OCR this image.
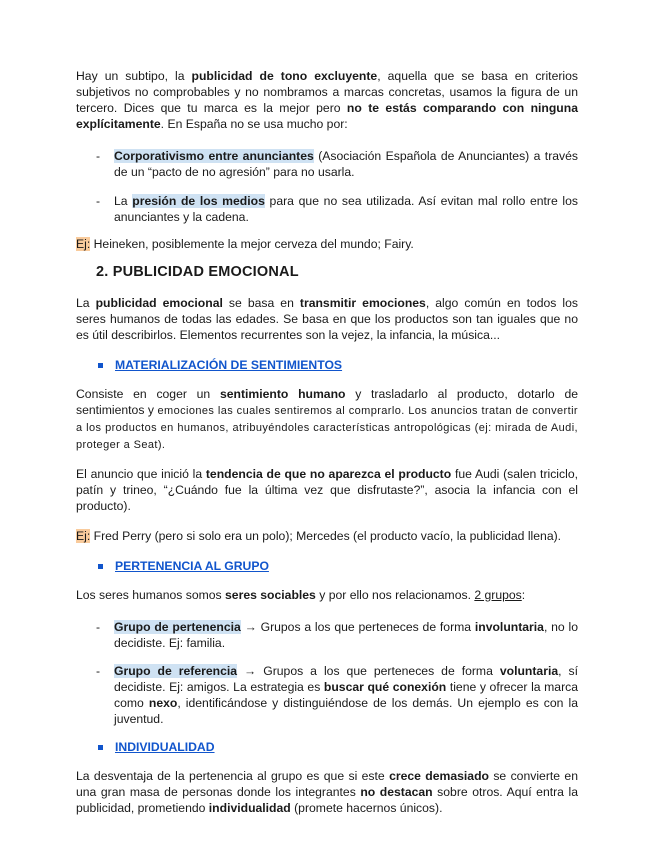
Hay un subtipo, la publicidad de tono excluyente, aquella que se basa en criterios subjetivos no comprobables y no nombramos a marcas concretas, usamos la figura de un tercero. Dices que tu marca es la mejor pero no te estás comparando con ninguna explícitamente. En España no se usa mucho por:

-	Corporativismo entre anunciantes (Asociación Española de Anunciantes) a través de un “pacto de no agresión” para no usarla.
-	La presión de los medios para que no sea utilizada. Así evitan mal rollo entre los anunciantes y la cadena.

Ej: Heineken, posiblemente la mejor cerveza del mundo; Fairy.

2. PUBLICIDAD EMOCIONAL

La publicidad emocional se basa en transmitir emociones, algo común en todos los seres humanos de todas las edades. Se basa en que los productos son tan iguales que no es útil describirlos. Elementos recurrentes son la vejez, la infancia, la música...

MATERIALIZACIÓN DE SENTIMIENTOS

Consiste en coger un sentimiento humano y trasladarlo al producto, dotarlo de sentimientos y emociones las cuales sentiremos al comprarlo. Los anuncios tratan de convertir a los productos en humanos, atribuyéndoles características antropológicas (ej: mirada de Audi, proteger a Seat).

El anuncio que inició la tendencia de que no aparezca el producto fue Audi (salen triciclo, patín y trineo, “¿Cuándo fue la última vez que disfrutaste?”, asocia la infancia con el producto).

Ej: Fred Perry (pero si solo era un polo); Mercedes (el producto vacío, la publicidad llena).

PERTENENCIA AL GRUPO

Los seres humanos somos seres sociables y por ello nos relacionamos. 2 grupos:

-	Grupo de pertenencia → Grupos a los que perteneces de forma involuntaria, no lo decidiste. Ej: familia.
-	Grupo de referencia → Grupos a los que perteneces de forma voluntaria, sí decidiste. Ej: amigos. La estrategia es buscar qué conexión tiene y ofrecer la marca como nexo, identificándose y distinguiéndose de los demás. Un ejemplo es con la juventud.

INDIVIDUALIDAD

La desventaja de la pertenencia al grupo es que si este crece demasiado se convierte en una gran masa de personas donde los integrantes no destacan sobre otros. Aquí entra la publicidad, prometiendo individualidad (promete hacernos únicos).
